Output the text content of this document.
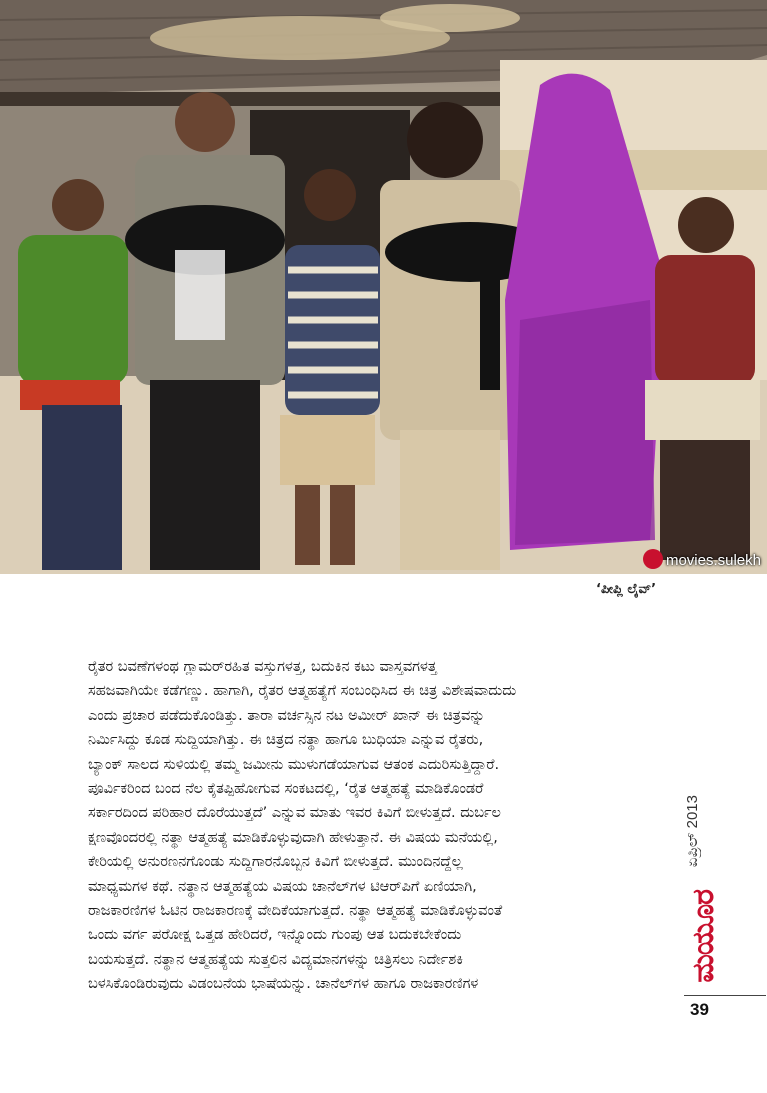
movies.sulekh
‘ಪೀಪ್ಲಿ ಲೈವ್’
ರೈತರ ಬವಣೆಗಳಂಥ ಗ್ಲಾಮರ್‌ರಹಿತ ವಸ್ತುಗಳತ್ತ, ಬದುಕಿನ ಕಟು ವಾಸ್ತವಗಳತ್ತ
ಸಹಜವಾಗಿಯೇ ಕಡೆಗಣ್ಣು. ಹಾಗಾಗಿ, ರೈತರ ಆತ್ಮಹತ್ಯೆಗೆ ಸಂಬಂಧಿಸಿದ ಈ ಚಿತ್ರ ವಿಶೇಷವಾದುದು
ಎಂದು ಪ್ರಚಾರ ಪಡೆದುಕೊಂಡಿತ್ತು. ತಾರಾ ವರ್ಚಸ್ಸಿನ ನಟ ಅಮೀರ್ ಖಾನ್ ಈ ಚಿತ್ರವನ್ನು
ನಿರ್ಮಿಸಿದ್ದು ಕೂಡ ಸುದ್ದಿಯಾಗಿತ್ತು. ಈ ಚಿತ್ರದ ನತ್ಥಾ ಹಾಗೂ ಬುಧಿಯಾ ಎನ್ನುವ ರೈತರು,
ಬ್ಯಾಂಕ್ ಸಾಲದ ಸುಳಿಯಲ್ಲಿ ತಮ್ಮ ಜಮೀನು ಮುಳುಗಡೆಯಾಗುವ ಆತಂಕ ಎದುರಿಸುತ್ತಿದ್ದಾರೆ.
ಪೂರ್ವಿಕರಿಂದ ಬಂದ ನೆಲ ಕೈತಪ್ಪಿಹೋಗುವ ಸಂಕಟದಲ್ಲಿ, ‘ರೈತ ಆತ್ಮಹತ್ಯೆ ಮಾಡಿಕೊಂಡರೆ
ಸರ್ಕಾರದಿಂದ ಪರಿಹಾರ ದೊರೆಯುತ್ತದೆ’ ಎನ್ನುವ ಮಾತು ಇವರ ಕಿವಿಗೆ ಬೀಳುತ್ತದೆ. ದುರ್ಬಲ
ಕ್ಷಣವೊಂದರಲ್ಲಿ ನತ್ಥಾ ಆತ್ಮಹತ್ಯೆ ಮಾಡಿಕೊಳ್ಳುವುದಾಗಿ ಹೇಳುತ್ತಾನೆ. ಈ ವಿಷಯ ಮನೆಯಲ್ಲಿ,
ಕೇರಿಯಲ್ಲಿ ಅನುರಣನಗೊಂಡು ಸುದ್ದಿಗಾರನೊಬ್ಬನ ಕಿವಿಗೆ ಬೀಳುತ್ತದೆ. ಮುಂದಿನದ್ದೆಲ್ಲ
ಮಾಧ್ಯಮಗಳ ಕಥೆ. ನತ್ಥಾನ ಆತ್ಮಹತ್ಯೆಯ ವಿಷಯ ಚಾನೆಲ್‌ಗಳ ಟಿಆರ್‌ಪಿಗೆ ಏಣಿಯಾಗಿ,
ರಾಜಕಾರಣಿಗಳ ಓಟಿನ ರಾಜಕಾರಣಕ್ಕೆ ವೇದಿಕೆಯಾಗುತ್ತದೆ. ನತ್ಥಾ ಆತ್ಮಹತ್ಯೆ ಮಾಡಿಕೊಳ್ಳುವಂತೆ
ಒಂದು ವರ್ಗ ಪರೋಕ್ಷ ಒತ್ತಡ ಹೇರಿದರೆ, ಇನ್ನೊಂದು ಗುಂಪು ಆತ ಬದುಕಬೇಕೆಂದು
ಬಯಸುತ್ತದೆ. ನತ್ಥಾನ ಆತ್ಮಹತ್ಯೆಯ ಸುತ್ತಲಿನ ವಿದ್ಯಮಾನಗಳನ್ನು ಚಿತ್ರಿಸಲು ನಿರ್ದೇಶಕಿ
ಬಳಸಿಕೊಂಡಿರುವುದು ವಿಡಂಬನೆಯ ಭಾಷೆಯನ್ನು. ಚಾನೆಲ್‌ಗಳ ಹಾಗೂ ರಾಜಕಾರಣಿಗಳ
ಏಪ್ರಿಲ್ 2013
ಮಯೂರ
39
